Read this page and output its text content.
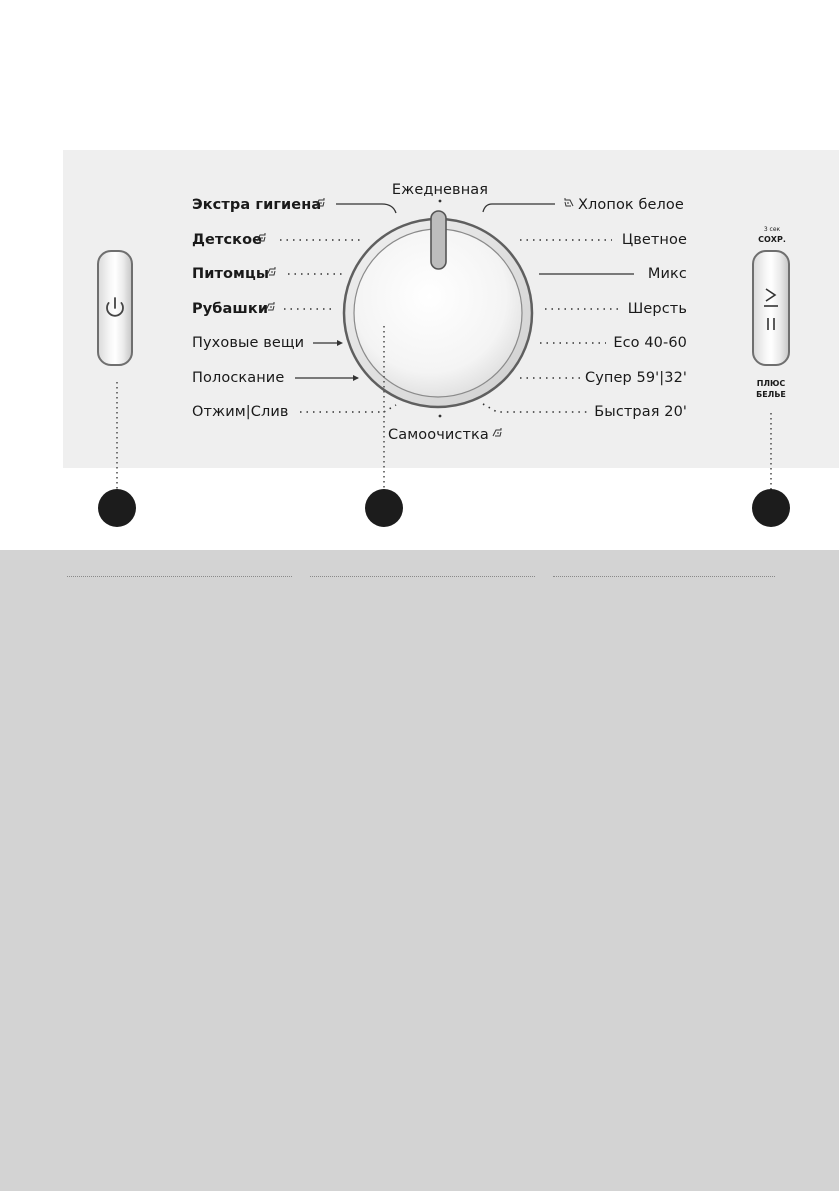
3 сек
СОХР.
ПЛЮС
БЕЛЬЕ
Экстра гигиена
Детское
Питомцы
Рубашки
Пуховые вещи
Полоскание
Отжим|Слив
Ежедневная
Самоочистка
Хлопок белое
Цветное
Микс
Шерсть
Eco 40-60
Супер 59'|32'
Быстрая 20'
